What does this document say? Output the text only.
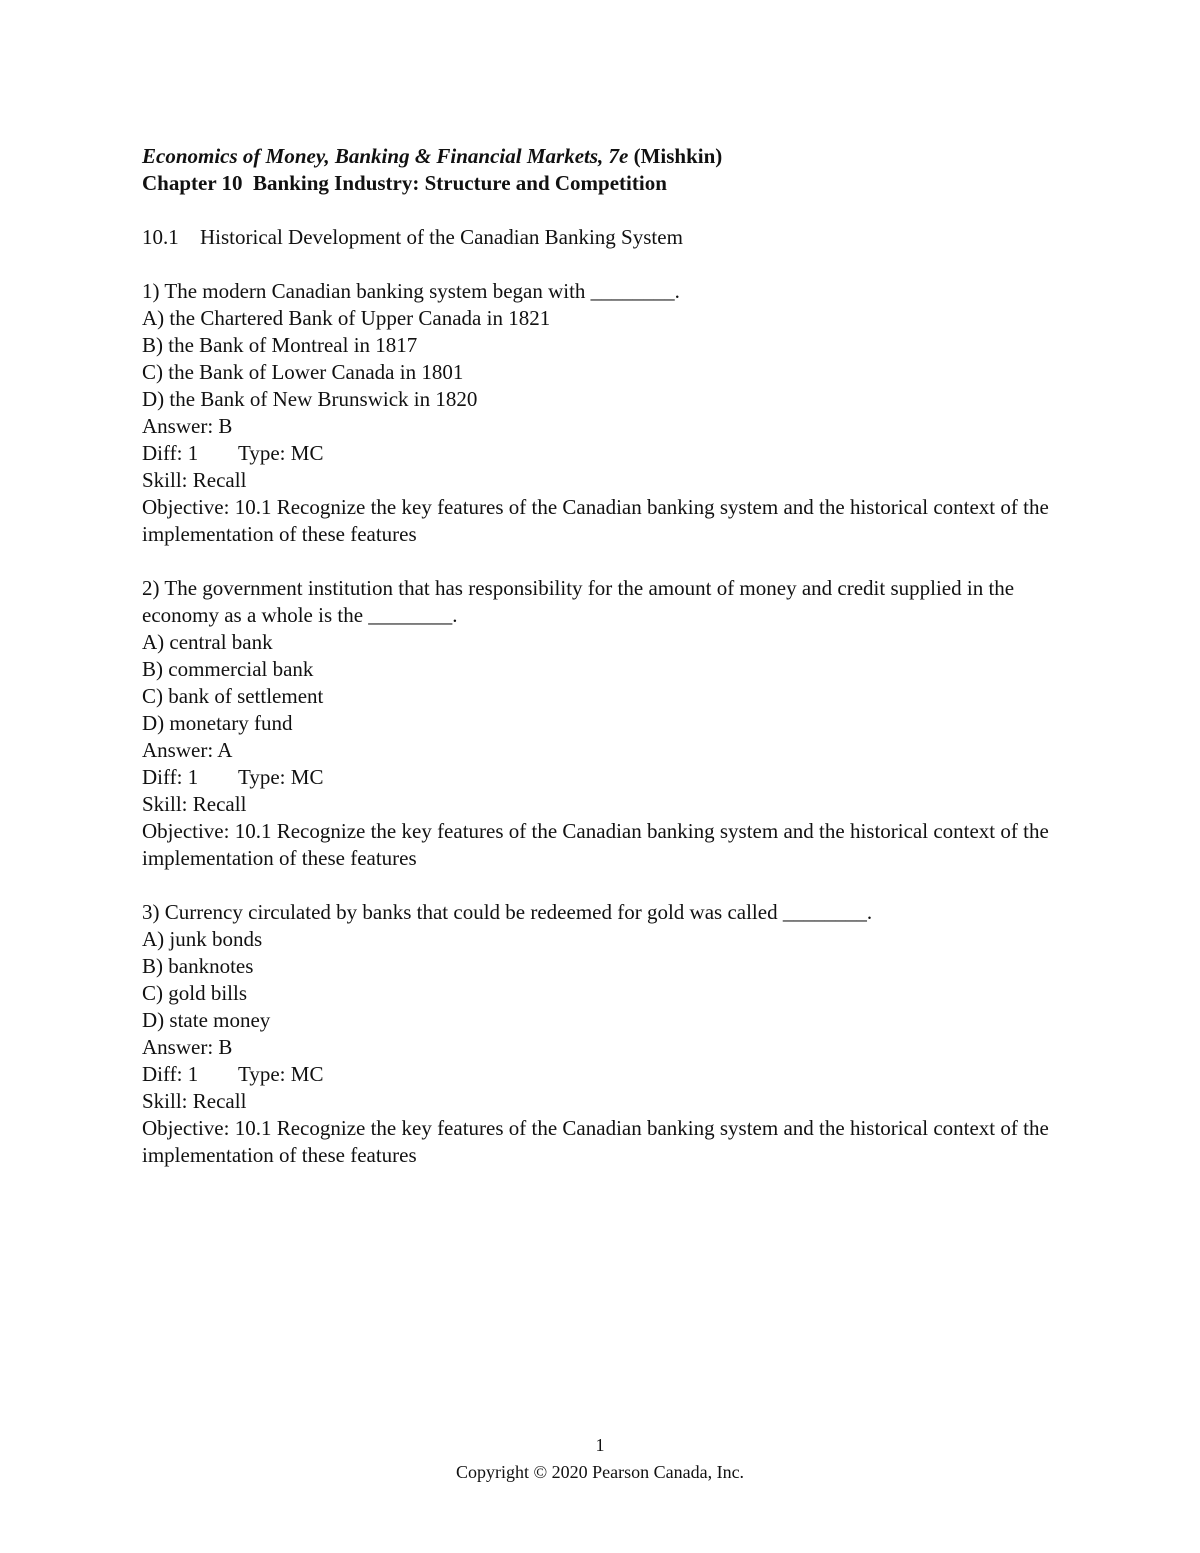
Economics of Money, Banking & Financial Markets, 7e (Mishkin)
Chapter 10 Banking Industry: Structure and Competition
10.1 Historical Development of the Canadian Banking System
1) The modern Canadian banking system began with ________.
A) the Chartered Bank of Upper Canada in 1821
B) the Bank of Montreal in 1817
C) the Bank of Lower Canada in 1801
D) the Bank of New Brunswick in 1820
Answer: B
Diff: 1 Type: MC
Skill: Recall
Objective: 10.1 Recognize the key features of the Canadian banking system and the historical context of the implementation of these features
2) The government institution that has responsibility for the amount of money and credit supplied in the economy as a whole is the ________.
A) central bank
B) commercial bank
C) bank of settlement
D) monetary fund
Answer: A
Diff: 1 Type: MC
Skill: Recall
Objective: 10.1 Recognize the key features of the Canadian banking system and the historical context of the implementation of these features
3) Currency circulated by banks that could be redeemed for gold was called ________.
A) junk bonds
B) banknotes
C) gold bills
D) state money
Answer: B
Diff: 1 Type: MC
Skill: Recall
Objective: 10.1 Recognize the key features of the Canadian banking system and the historical context of the implementation of these features
1
Copyright © 2020 Pearson Canada, Inc.
